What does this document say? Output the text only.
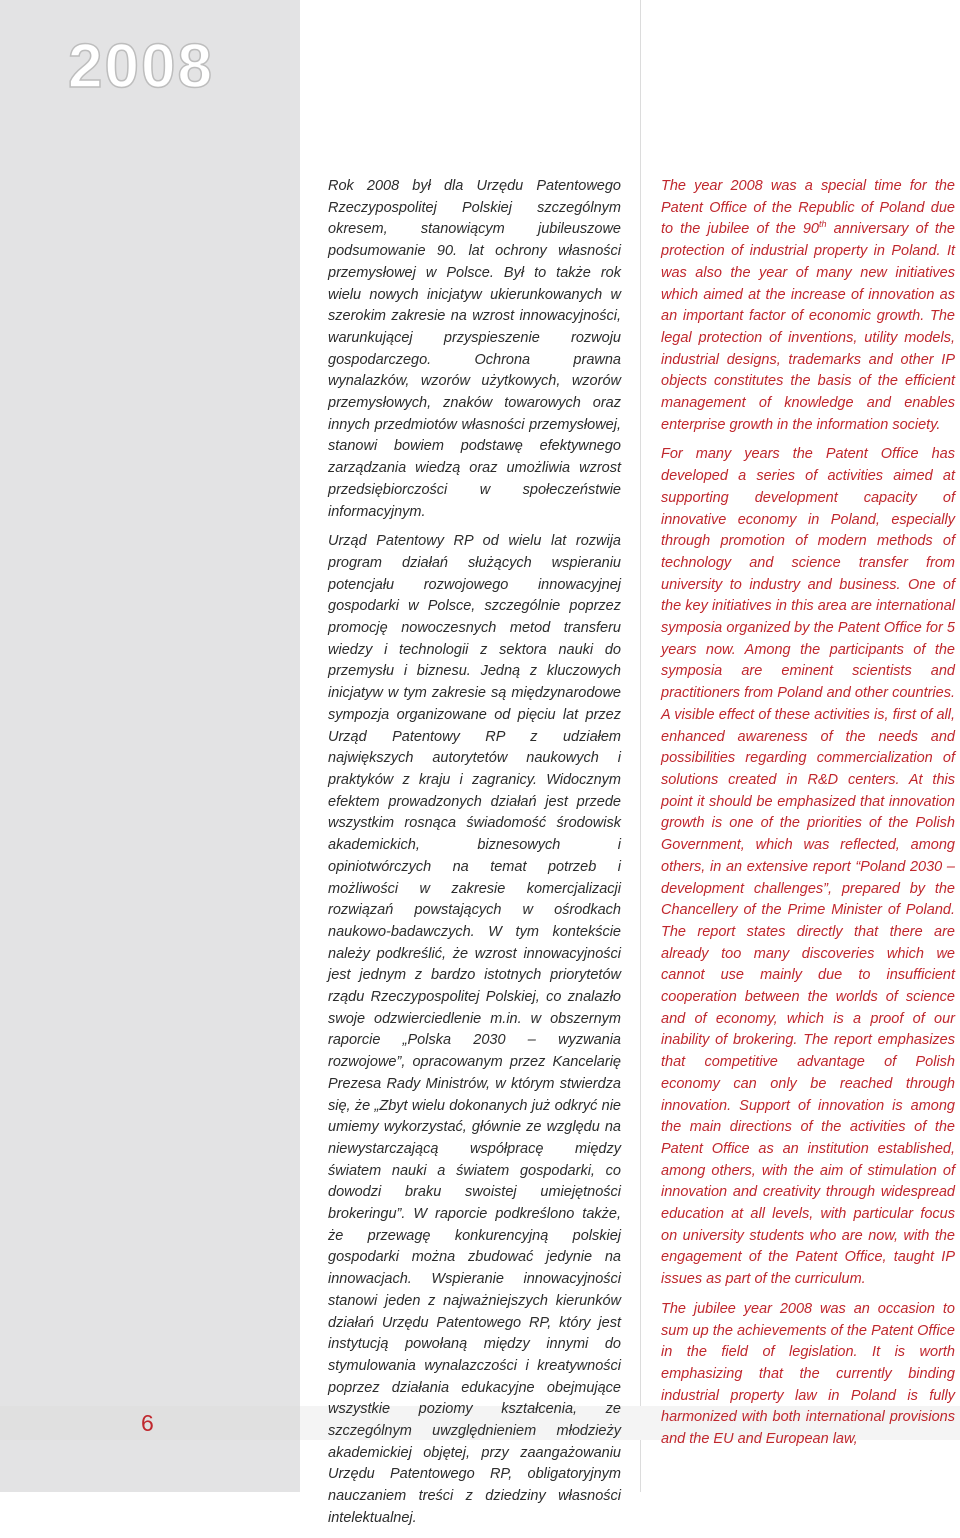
2008
6

Rok 2008 był dla Urzędu Patentowego Rzeczypospolitej Polskiej szczególnym okresem, stanowiącym jubileuszowe podsumowanie 90. lat ochrony własności przemysłowej w Polsce. Był to także rok wielu nowych inicjatyw ukierunkowanych w szerokim zakresie na wzrost innowacyjności, warunkującej przyspieszenie rozwoju gospodarczego. Ochrona prawna wynalazków, wzorów użytkowych, wzorów przemysłowych, znaków towarowych oraz innych przedmiotów własności przemysłowej, stanowi bowiem podstawę efektywnego zarządzania wiedzą oraz umożliwia wzrost przedsiębiorczości w społeczeństwie informacyjnym.

Urząd Patentowy RP od wielu lat rozwija program działań służących wspieraniu potencjału rozwojowego innowacyjnej gospodarki w Polsce, szczególnie poprzez promocję nowoczesnych metod transferu wiedzy i technologii z sektora nauki do przemysłu i biznesu. Jedną z kluczowych inicjatyw w tym zakresie są międzynarodowe sympozja organizowane od pięciu lat przez Urząd Patentowy RP z udziałem największych autorytetów naukowych i praktyków z kraju i zagranicy. Widocznym efektem prowadzonych działań jest przede wszystkim rosnąca świadomość środowisk akademickich, biznesowych i opiniotwórczych na temat potrzeb i możliwości w zakresie komercjalizacji rozwiązań powstających w ośrodkach naukowo-badawczych. W tym kontekście należy podkreślić, że wzrost innowacyjności jest jednym z bardzo istotnych priorytetów rządu Rzeczypospolitej Polskiej, co znalazło swoje odzwierciedlenie m.in. w obszernym raporcie „Polska 2030 – wyzwania rozwojowe”, opracowanym przez Kancelarię Prezesa Rady Ministrów, w którym stwierdza się, że „Zbyt wielu dokonanych już odkryć nie umiemy wykorzystać, głównie ze względu na niewystarczającą współpracę między światem nauki a światem gospodarki, co dowodzi braku swoistej umiejętności brokeringu”. W raporcie podkreślono także, że przewagę konkurencyjną polskiej gospodarki można zbudować jedynie na innowacjach. Wspieranie innowacyjności stanowi jeden z najważniejszych kierunków działań Urzędu Patentowego RP, który jest instytucją powołaną między innymi do stymulowania wynalazczości i kreatywności poprzez działania edukacyjne obejmujące wszystkie poziomy kształcenia, ze szczególnym uwzględnieniem młodzieży akademickiej objętej, przy zaangażowaniu Urzędu Patentowego RP, obligatoryjnym nauczaniem treści z dziedziny własności intelektualnej.

The year 2008 was a special time for the Patent Office of the Republic of Poland due to the jubilee of the 90th anniversary of the protection of industrial property in Poland. It was also the year of many new initiatives which aimed at the increase of innovation as an important factor of economic growth. The legal protection of inventions, utility models, industrial designs, trademarks and other IP objects constitutes the basis of the efficient management of knowledge and enables enterprise growth in the information society.

For many years the Patent Office has developed a series of activities aimed at supporting development capacity of innovative economy in Poland, especially through promotion of modern methods of technology and science transfer from university to industry and business. One of the key initiatives in this area are international symposia organized by the Patent Office for 5 years now. Among the participants of the symposia are eminent scientists and practitioners from Poland and other countries. A visible effect of these activities is, first of all, enhanced awareness of the needs and possibilities regarding commercialization of solutions created in R&D centers. At this point it should be emphasized that innovation growth is one of the priorities of the Polish Government, which was reflected, among others, in an extensive report “Poland 2030 – development challenges”, prepared by the Chancellery of the Prime Minister of Poland. The report states directly that there are already too many discoveries which we cannot use mainly due to insufficient cooperation between the worlds of science and of economy, which is a proof of our inability of brokering. The report emphasizes that competitive advantage of Polish economy can only be reached through innovation. Support of innovation is among the main directions of the activities of the Patent Office as an institution established, among others, with the aim of stimulation of innovation and creativity through widespread education at all levels, with particular focus on university students who are now, with the engagement of the Patent Office, taught IP issues as part of the curriculum.

The jubilee year 2008 was an occasion to sum up the achievements of the Patent Office in the field of legislation. It is worth emphasizing that the currently binding industrial property law in Poland is fully harmonized with both international provisions and the EU and European law,
